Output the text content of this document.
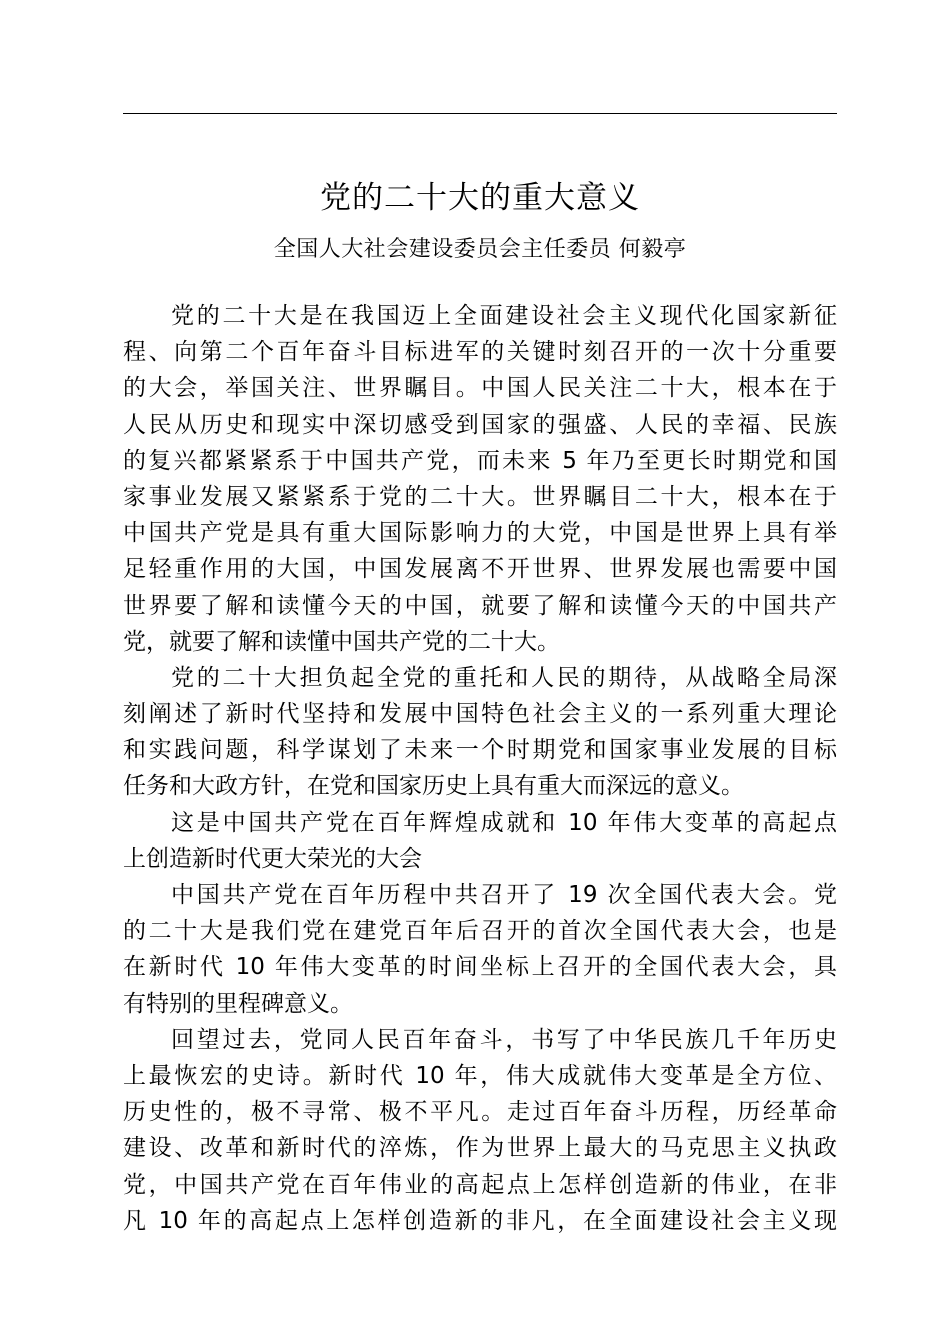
党的二十大的重大意义
全国人大社会建设委员会主任委员 何毅亭
党的二十大是在我国迈上全面建设社会主义现代化国家新征
程、向第二个百年奋斗目标进军的关键时刻召开的一次十分重要
的大会，举国关注、世界瞩目。中国人民关注二十大，根本在于
人民从历史和现实中深切感受到国家的强盛、人民的幸福、民族
的复兴都紧紧系于中国共产党，而未来 5 年乃至更长时期党和国
家事业发展又紧紧系于党的二十大。世界瞩目二十大，根本在于
中国共产党是具有重大国际影响力的大党，中国是世界上具有举
足轻重作用的大国，中国发展离不开世界、世界发展也需要中国
世界要了解和读懂今天的中国，就要了解和读懂今天的中国共产
党，就要了解和读懂中国共产党的二十大。
党的二十大担负起全党的重托和人民的期待，从战略全局深
刻阐述了新时代坚持和发展中国特色社会主义的一系列重大理论
和实践问题，科学谋划了未来一个时期党和国家事业发展的目标
任务和大政方针，在党和国家历史上具有重大而深远的意义。
这是中国共产党在百年辉煌成就和 10 年伟大变革的高起点
上创造新时代更大荣光的大会
中国共产党在百年历程中共召开了 19 次全国代表大会。党
的二十大是我们党在建党百年后召开的首次全国代表大会，也是
在新时代 10 年伟大变革的时间坐标上召开的全国代表大会，具
有特别的里程碑意义。
回望过去，党同人民百年奋斗，书写了中华民族几千年历史
上最恢宏的史诗。新时代 10 年，伟大成就伟大变革是全方位、
历史性的，极不寻常、极不平凡。走过百年奋斗历程，历经革命
建设、改革和新时代的淬炼，作为世界上最大的马克思主义执政
党，中国共产党在百年伟业的高起点上怎样创造新的伟业，在非
凡 10 年的高起点上怎样创造新的非凡，在全面建设社会主义现
